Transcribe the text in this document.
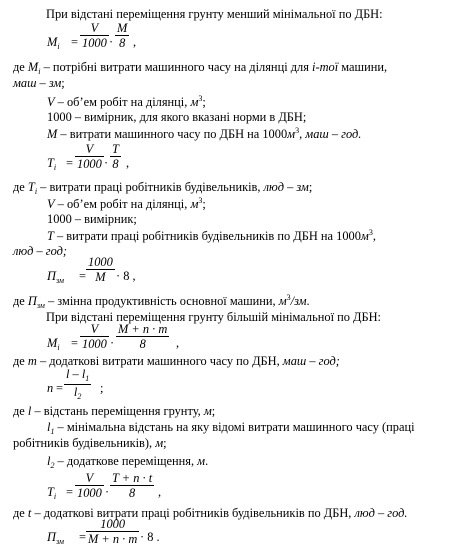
При відстані переміщення грунту менший мінімальної по ДБН:
$M_i = \frac{V}{1000} \cdot \frac{M}{8}$ ,
де $M_i$ – потрібні витрати машинного часу на ділянці для i-тої машини,
маш – зм;
V – об’ем робіт на ділянці, $м^3$;
1000 – вимірник, для якого вказані норми в ДБН;
M – витрати машинного часу по ДБН на $1000м^3$, маш – год.
$T_i = \frac{V}{1000} \cdot \frac{T}{8}$ ,
де $T_i$ – витрати праці робітників будівельників, люд – зм;
V – об’ем робіт на ділянці, $м^3$;
1000 – вимірник;
T – витрати праці робітників будівельників по ДБН на $1000м^3$,
люд – год;
$П_{зм} = \frac{1000}{M} \cdot 8$ ,
де $П_{зм}$ – змінна продуктивність основної машини, $м^3/зм$.
При відстані переміщення грунту більшій мінімальної по ДБН:
$M_i = \frac{V}{1000} \cdot \frac{M + n \cdot m}{8}$ ,
де m – додаткові витрати машинного часу по ДБН, маш – год;
$n = \frac{l - l_1}{l_2}$ ;
де l – відстань переміщення грунту, м;
$l_1$ – мінімальна відстань на яку відомі витрати машинного часу (праці
робітників будівельників), м;
$l_2$ – додаткове переміщення, м.
$T_i = \frac{V}{1000} \cdot \frac{T + n \cdot t}{8}$ ,
де t – додаткові витрати праці робітників будівельників по ДБН, люд – год.
$П_{зм} = \frac{1000}{M + n \cdot m} \cdot 8$ .
